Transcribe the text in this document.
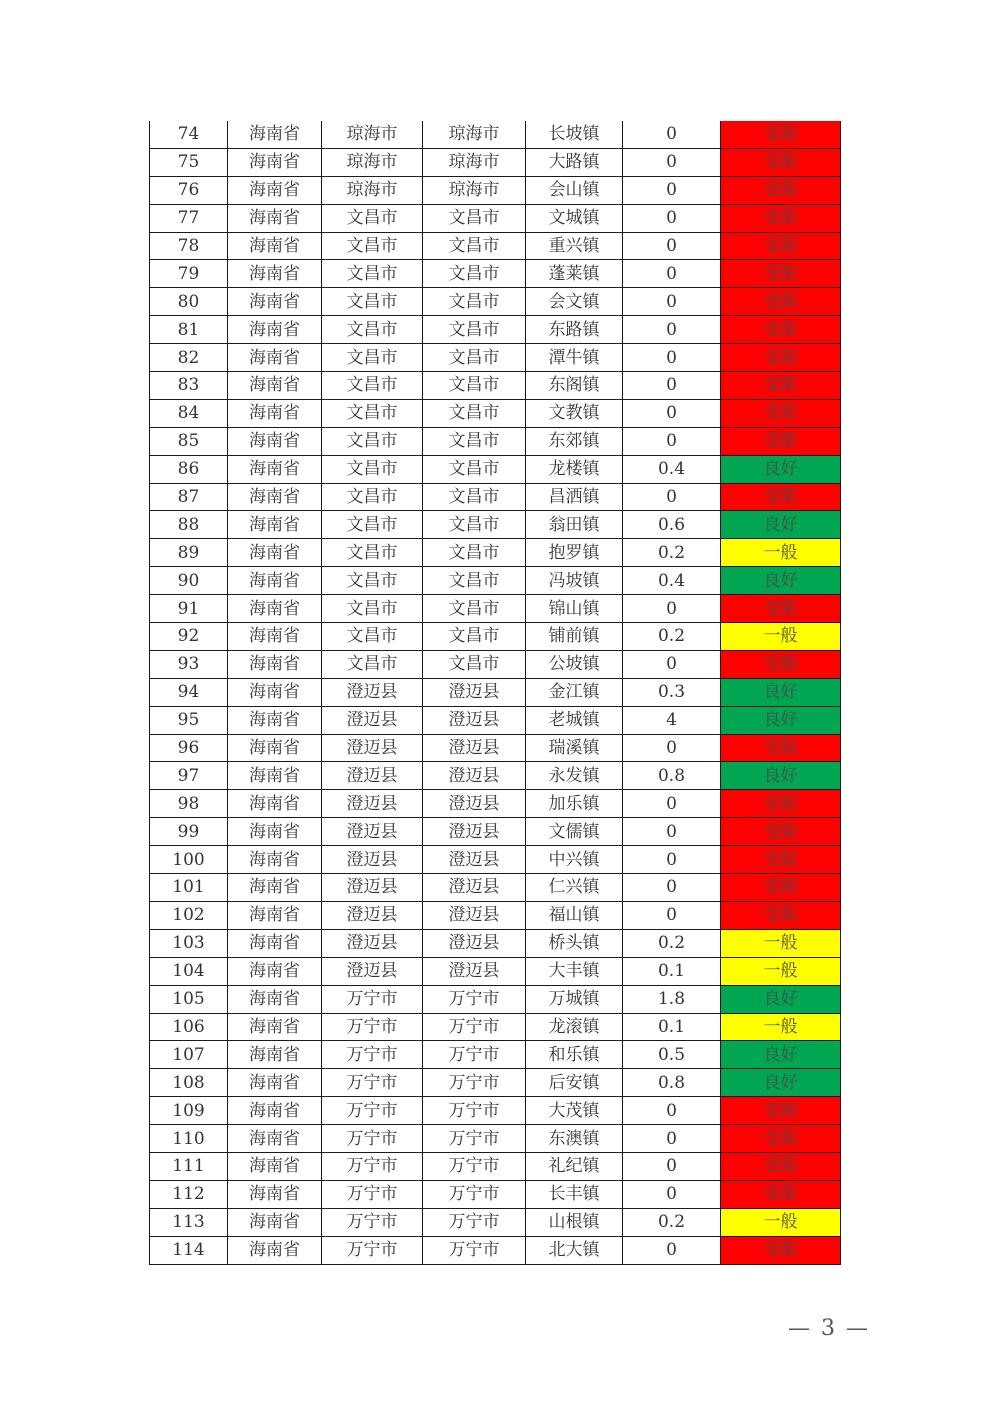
74	海南省	琼海市	琼海市	长坡镇	0	受限
75	海南省	琼海市	琼海市	大路镇	0	受限
76	海南省	琼海市	琼海市	会山镇	0	受限
77	海南省	文昌市	文昌市	文城镇	0	受限
78	海南省	文昌市	文昌市	重兴镇	0	受限
79	海南省	文昌市	文昌市	蓬莱镇	0	受限
80	海南省	文昌市	文昌市	会文镇	0	受限
81	海南省	文昌市	文昌市	东路镇	0	受限
82	海南省	文昌市	文昌市	潭牛镇	0	受限
83	海南省	文昌市	文昌市	东阁镇	0	受限
84	海南省	文昌市	文昌市	文教镇	0	受限
85	海南省	文昌市	文昌市	东郊镇	0	受限
86	海南省	文昌市	文昌市	龙楼镇	0.4	良好
87	海南省	文昌市	文昌市	昌洒镇	0	受限
88	海南省	文昌市	文昌市	翁田镇	0.6	良好
89	海南省	文昌市	文昌市	抱罗镇	0.2	一般
90	海南省	文昌市	文昌市	冯坡镇	0.4	良好
91	海南省	文昌市	文昌市	锦山镇	0	受限
92	海南省	文昌市	文昌市	铺前镇	0.2	一般
93	海南省	文昌市	文昌市	公坡镇	0	受限
94	海南省	澄迈县	澄迈县	金江镇	0.3	良好
95	海南省	澄迈县	澄迈县	老城镇	4	良好
96	海南省	澄迈县	澄迈县	瑞溪镇	0	受限
97	海南省	澄迈县	澄迈县	永发镇	0.8	良好
98	海南省	澄迈县	澄迈县	加乐镇	0	受限
99	海南省	澄迈县	澄迈县	文儒镇	0	受限
100	海南省	澄迈县	澄迈县	中兴镇	0	受限
101	海南省	澄迈县	澄迈县	仁兴镇	0	受限
102	海南省	澄迈县	澄迈县	福山镇	0	受限
103	海南省	澄迈县	澄迈县	桥头镇	0.2	一般
104	海南省	澄迈县	澄迈县	大丰镇	0.1	一般
105	海南省	万宁市	万宁市	万城镇	1.8	良好
106	海南省	万宁市	万宁市	龙滚镇	0.1	一般
107	海南省	万宁市	万宁市	和乐镇	0.5	良好
108	海南省	万宁市	万宁市	后安镇	0.8	良好
109	海南省	万宁市	万宁市	大茂镇	0	受限
110	海南省	万宁市	万宁市	东澳镇	0	受限
111	海南省	万宁市	万宁市	礼纪镇	0	受限
112	海南省	万宁市	万宁市	长丰镇	0	受限
113	海南省	万宁市	万宁市	山根镇	0.2	一般
114	海南省	万宁市	万宁市	北大镇	0	受限
— 3 —
